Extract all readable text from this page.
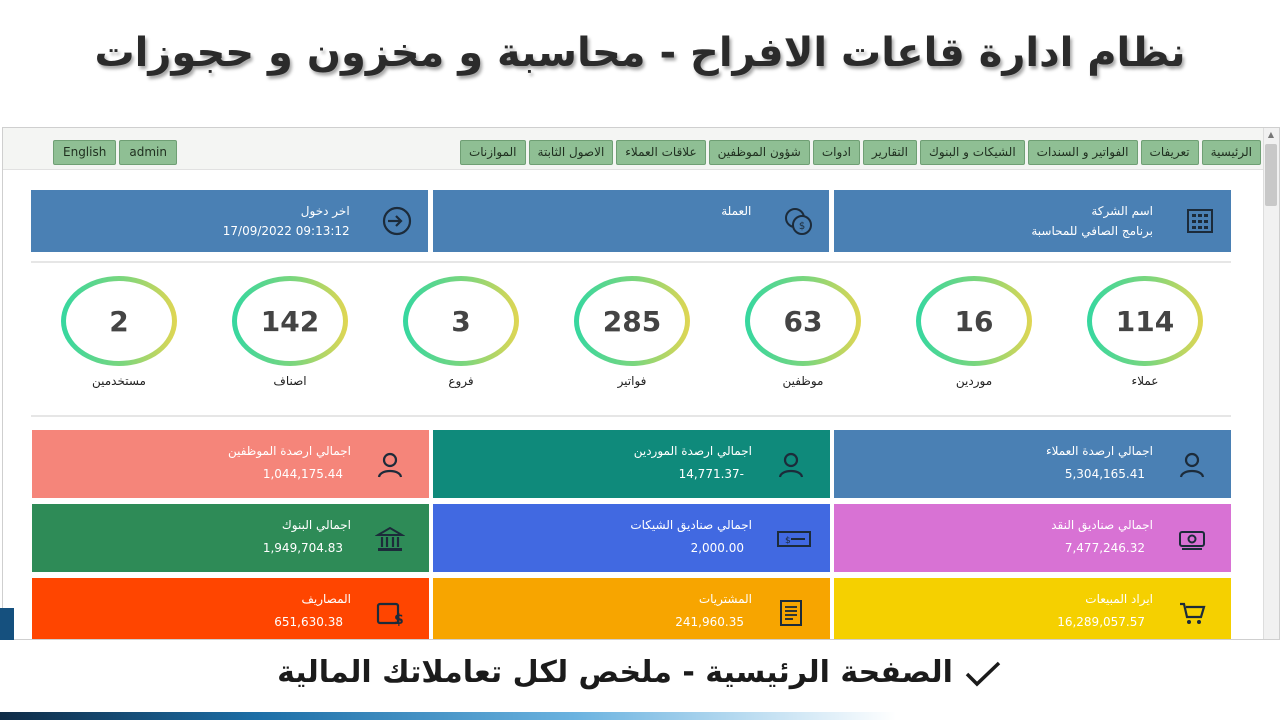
نظام ادارة قاعات الافراح - محاسبة و مخزون و حجوزات
الرئيسية
تعريفات
الفواتير و السندات
الشيكات و البنوك
التقارير
ادوات
شؤون الموظفين
علاقات العملاء
الاصول الثابتة
الموازنات
English	admin
اسم الشركة
برنامج الصافي للمحاسبة
$
العملة
اخر دخول
09:13:12 17/09/2022
114
عملاء
16
موردين
63
موظفين
285
فواتير
3
فروع
142
اصناف
2
مستخدمين
اجمالي ارصدة العملاء
5,304,165.41
اجمالي ارصدة الموردين
14,771.37-
اجمالي ارصدة الموظفين
1,044,175.44
اجمالي صناديق النقد
7,477,246.32
$
اجمالي صناديق الشيكات
2,000.00
اجمالي البنوك
1,949,704.83
ايراد المبيعات
16,289,057.57
المشتريات
241,960.35
$
المصاريف
651,630.38
▲
الصفحة الرئيسية - ملخص لكل تعاملاتك المالية
